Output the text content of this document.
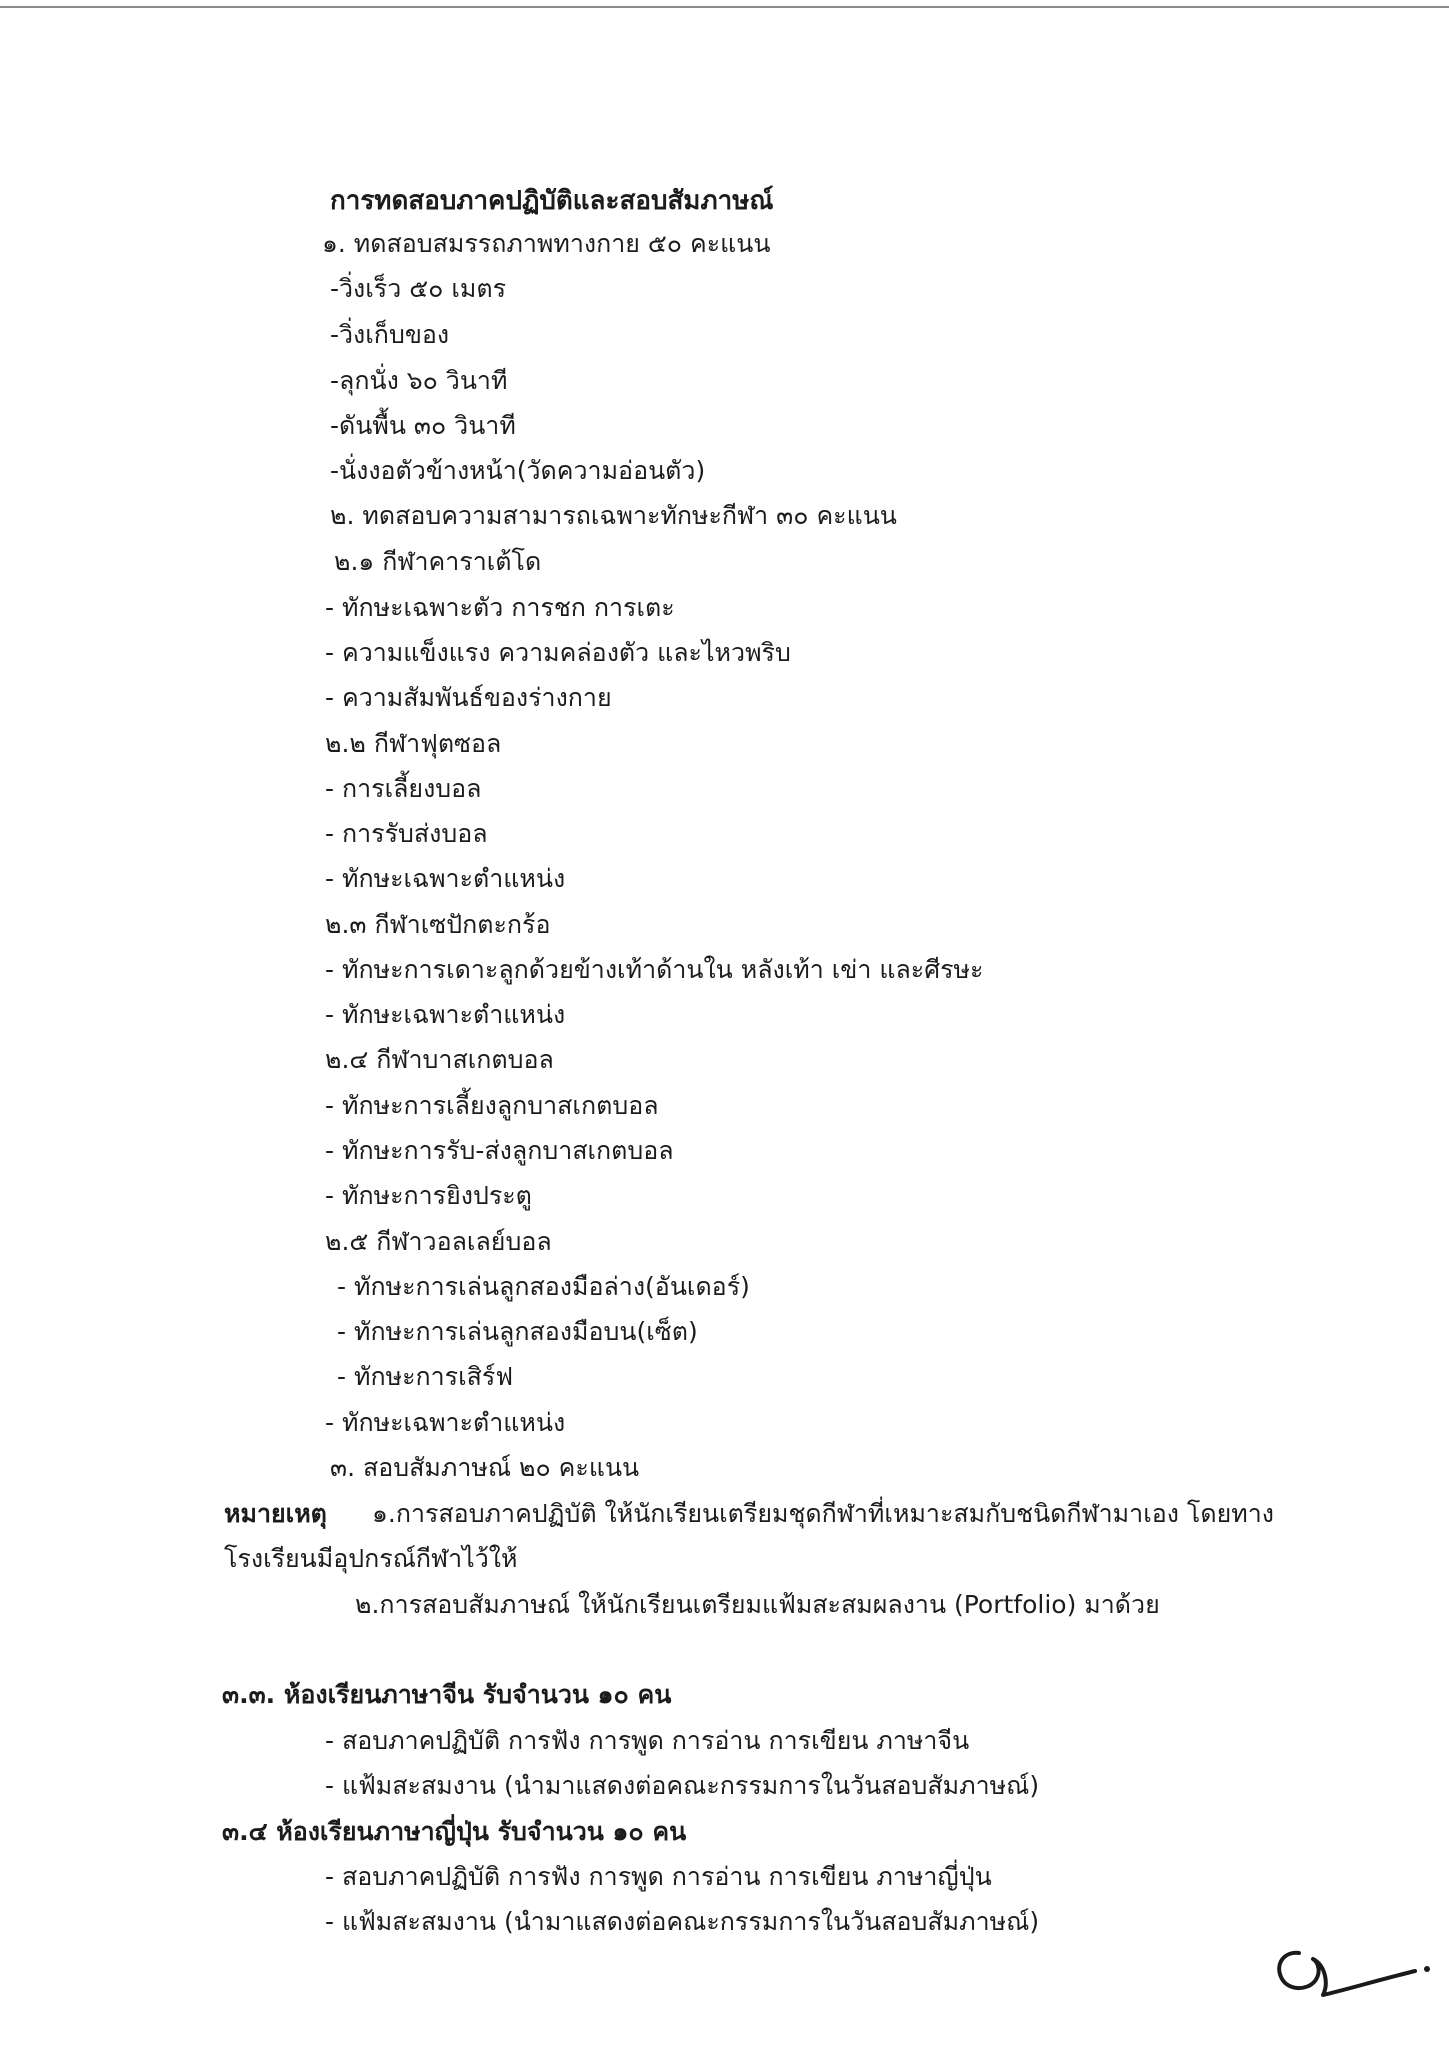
การทดสอบภาคปฏิบัติและสอบสัมภาษณ์
๑. ทดสอบสมรรถภาพทางกาย ๕๐ คะแนน
-วิ่งเร็ว ๕๐ เมตร
-วิ่งเก็บของ
-ลุกนั่ง ๖๐ วินาที
-ดันพื้น ๓๐ วินาที
-นั่งงอตัวข้างหน้า(วัดความอ่อนตัว)
๒. ทดสอบความสามารถเฉพาะทักษะกีฬา ๓๐ คะแนน
๒.๑ กีฬาคาราเต้โด
- ทักษะเฉพาะตัว การชก การเตะ
- ความแข็งแรง ความคล่องตัว และไหวพริบ
- ความสัมพันธ์ของร่างกาย
๒.๒ กีฬาฟุตซอล
- การเลี้ยงบอล
- การรับส่งบอล
- ทักษะเฉพาะตำแหน่ง
๒.๓ กีฬาเซปักตะกร้อ
- ทักษะการเดาะลูกด้วยข้างเท้าด้านใน หลังเท้า เข่า และศีรษะ
- ทักษะเฉพาะตำแหน่ง
๒.๔ กีฬาบาสเกตบอล
- ทักษะการเลี้ยงลูกบาสเกตบอล
- ทักษะการรับ-ส่งลูกบาสเกตบอล
- ทักษะการยิงประตู
๒.๕ กีฬาวอลเลย์บอล
- ทักษะการเล่นลูกสองมือล่าง(อันเดอร์)
- ทักษะการเล่นลูกสองมือบน(เซ็ต)
- ทักษะการเสิร์ฟ
- ทักษะเฉพาะตำแหน่ง
๓. สอบสัมภาษณ์ ๒๐ คะแนน
หมายเหตุ ๑.การสอบภาคปฏิบัติ ให้นักเรียนเตรียมชุดกีฬาที่เหมาะสมกับชนิดกีฬามาเอง โดยทาง
โรงเรียนมีอุปกรณ์กีฬาไว้ให้
๒.การสอบสัมภาษณ์ ให้นักเรียนเตรียมแฟ้มสะสมผลงาน (Portfolio) มาด้วย
๓.๓. ห้องเรียนภาษาจีน รับจำนวน ๑๐ คน
- สอบภาคปฏิบัติ การฟัง การพูด การอ่าน การเขียน ภาษาจีน
- แฟ้มสะสมงาน (นำมาแสดงต่อคณะกรรมการในวันสอบสัมภาษณ์)
๓.๔ ห้องเรียนภาษาญี่ปุ่น รับจำนวน ๑๐ คน
- สอบภาคปฏิบัติ การฟัง การพูด การอ่าน การเขียน ภาษาญี่ปุ่น
- แฟ้มสะสมงาน (นำมาแสดงต่อคณะกรรมการในวันสอบสัมภาษณ์)
